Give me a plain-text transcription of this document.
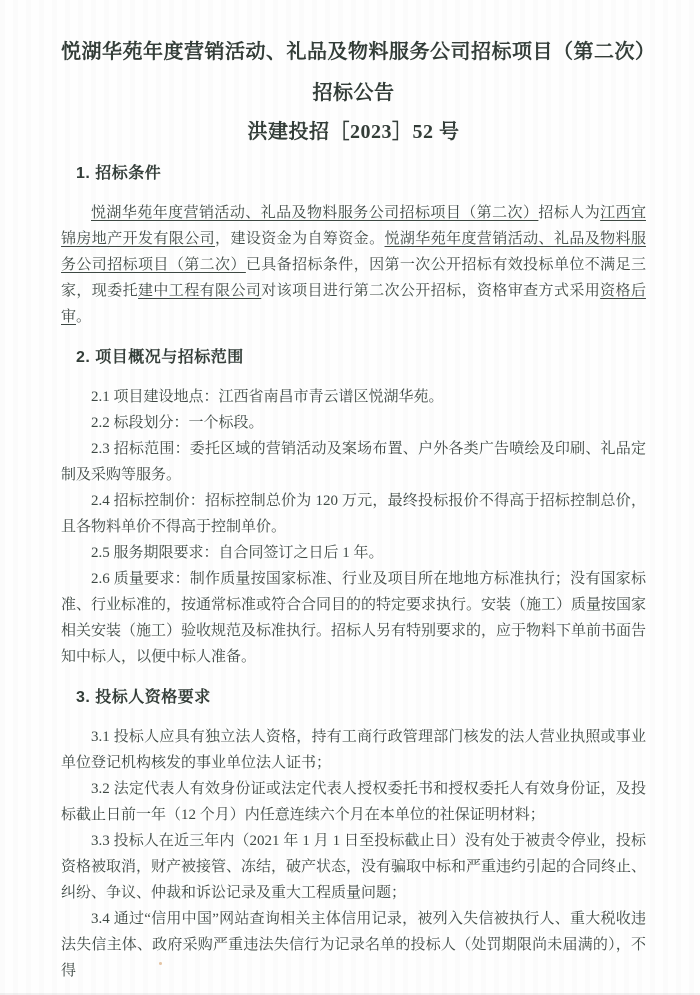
悦湖华苑年度营销活动、礼品及物料服务公司招标项目（第二次）

招标公告

洪建投招［2023］52 号

1. 招标条件

悦湖华苑年度营销活动、礼品及物料服务公司招标项目（第二次）招标人为江西宜锦房地产开发有限公司，建设资金为自筹资金。悦湖华苑年度营销活动、礼品及物料服务公司招标项目（第二次）已具备招标条件，因第一次公开招标有效投标单位不满足三家，现委托建中工程有限公司对该项目进行第二次公开招标，资格审查方式采用资格后审。

2. 项目概况与招标范围

2.1 项目建设地点：江西省南昌市青云谱区悦湖华苑。

2.2 标段划分：一个标段。

2.3 招标范围：委托区域的营销活动及案场布置、户外各类广告喷绘及印刷、礼品定制及采购等服务。

2.4 招标控制价：招标控制总价为 120 万元，最终投标报价不得高于招标控制总价，且各物料单价不得高于控制单价。

2.5 服务期限要求：自合同签订之日后 1 年。

2.6 质量要求：制作质量按国家标准、行业及项目所在地地方标准执行；没有国家标准、行业标准的，按通常标准或符合合同目的的特定要求执行。安装（施工）质量按国家相关安装（施工）验收规范及标准执行。招标人另有特别要求的，应于物料下单前书面告知中标人，以便中标人准备。

3. 投标人资格要求

3.1 投标人应具有独立法人资格，持有工商行政管理部门核发的法人营业执照或事业单位登记机构核发的事业单位法人证书；

3.2 法定代表人有效身份证或法定代表人授权委托书和授权委托人有效身份证，及投标截止日前一年（12 个月）内任意连续六个月在本单位的社保证明材料；

3.3 投标人在近三年内（2021 年 1 月 1 日至投标截止日）没有处于被责令停业，投标资格被取消，财产被接管、冻结，破产状态，没有骗取中标和严重违约引起的合同终止、纠纷、争议、仲裁和诉讼记录及重大工程质量问题；

3.4 通过“信用中国”网站查询相关主体信用记录，被列入失信被执行人、重大税收违法失信主体、政府采购严重违法失信行为记录名单的投标人（处罚期限尚未届满的），不得
